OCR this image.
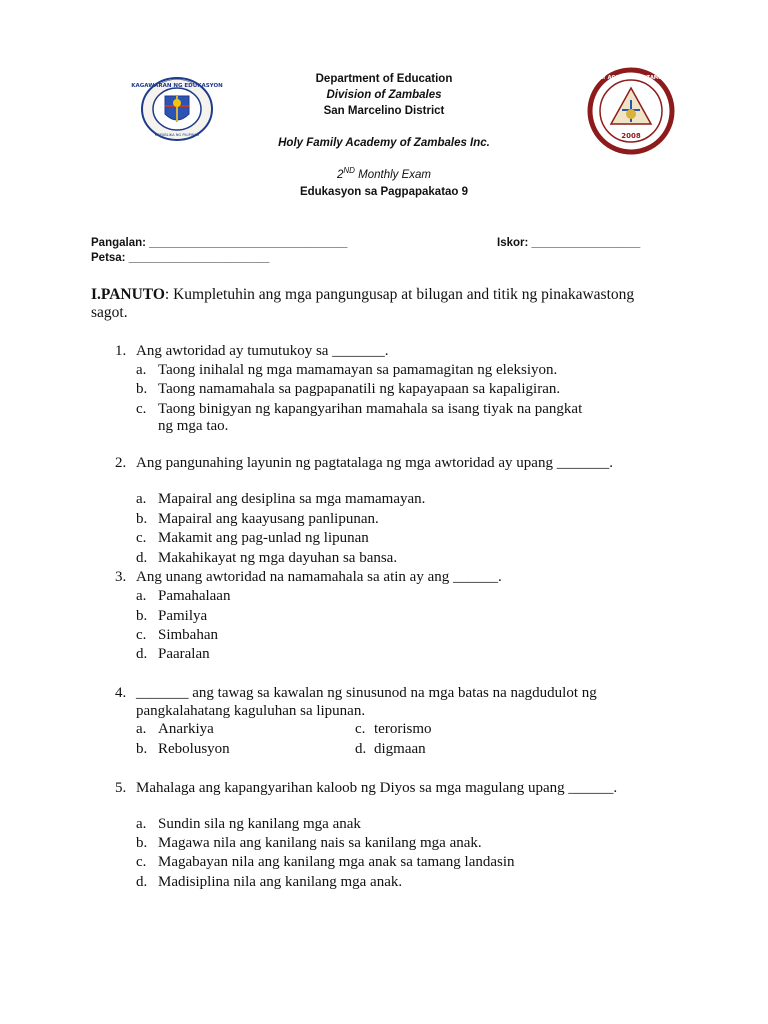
KAGAWARAN NG EDUKASYON
REPUBLIKA NG PILIPINAS
HOLY FAMILY ACADEMY OF ZAMBALES, INC.
2008
Department of Education
Division of Zambales
San Marcelino District
Holy Family Academy of Zambales Inc.
2ND Monthly Exam
Edukasyon sa Pagpapakatao 9
Pangalan: _______________________________	Iskor: _________________
Petsa: ______________________
I.PANUTO: Kumpletuhin ang mga pangungusap at bilugan and titik ng pinakawastong sagot.
1. Ang awtoridad ay tumutukoy sa _______.
a. Taong inihalal ng mga mamamayan sa pamamagitan ng eleksiyon.
b. Taong namamahala sa pagpapanatili ng kapayapaan sa kapaligiran.
c. Taong binigyan ng kapangyarihan mamahala sa isang tiyak na pangkat
ng mga tao.
2. Ang pangunahing layunin ng pagtatalaga ng mga awtoridad ay upang _______.
a. Mapairal ang desiplina sa mga mamamayan.
b. Mapairal ang kaayusang panlipunan.
c. Makamit ang pag-unlad ng lipunan
d. Makahikayat ng mga dayuhan sa bansa.
3. Ang unang awtoridad na namamahala sa atin ay ang ______.
a. Pamahalaan
b. Pamilya
c. Simbahan
d. Paaralan
4. _______ ang tawag sa kawalan ng sinusunod na mga batas na nagdudulot ng pangkalahatang kaguluhan sa lipunan.
a. Anarkiya	c. terorismo
b. Rebolusyon	d. digmaan
5. Mahalaga ang kapangyarihan kaloob ng Diyos sa mga magulang upang ______.
a. Sundin sila ng kanilang mga anak
b. Magawa nila ang kanilang nais sa kanilang mga anak.
c. Magabayan nila ang kanilang mga anak sa tamang landasin
d. Madisiplina nila ang kanilang mga anak.
